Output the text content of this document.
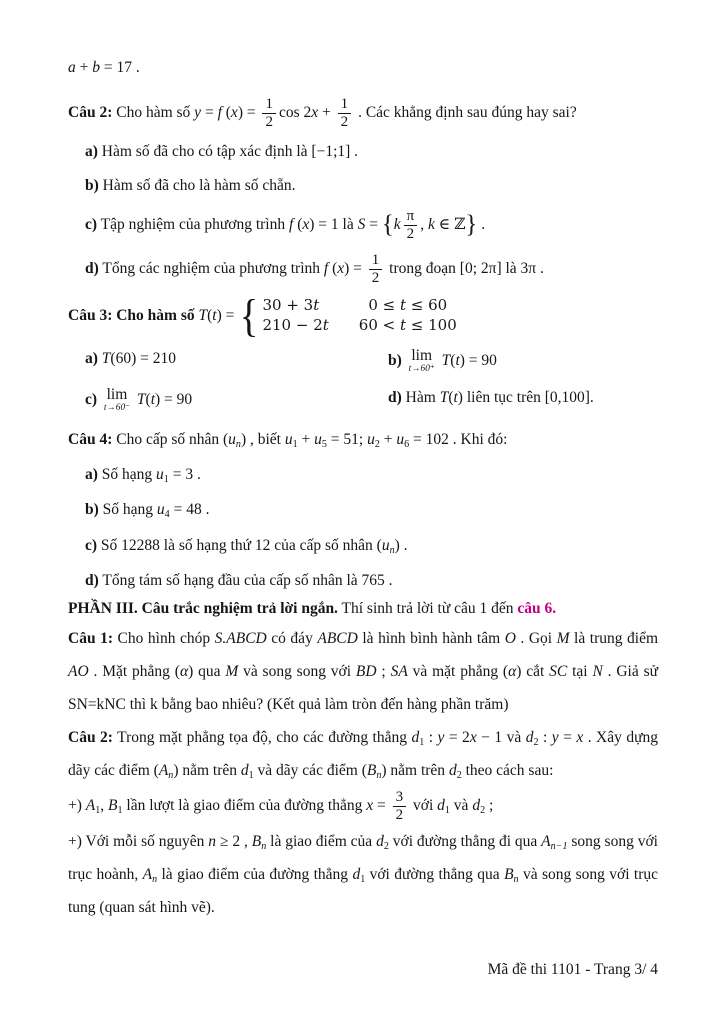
a + b = 17 .

Câu 2: Cho hàm số y = f $(x) = \frac{1}{2}$ $\cos 2x + \frac{1}{2}$ . Các khẳng định sau đúng hay sai?

a) Hàm số đã cho có tập xác định là [−1;1] .

b) Hàm số đã cho là hàm số chẵn.

c) Tập nghiệm của phương trình f (x) = 1 là $S = \{k \frac{\pi}{2}$ , k ∈ ℤ} .

d) Tổng các nghiệm của phương trình f $(x) = \frac{1}{2}$ trong đoạn [0; 2π] là 3π .

Câu 3: Cho hàm số T(t) = { 30 + 3t	0 ≤ t ≤ 60
210 − 2t 60 < t ≤ 100

a) T(60) = 210	b) lim
t→60⁺
T(t) = 90

c) lim
t→60⁻
T(t) = 90	d) Hàm T(t) liên tục trên [0,100].

Câu 4: Cho cấp số nhân $(u_n)$ , biết $u_1 + u_5 = 51$; $u_2 + u_6 = 102$ . Khi đó:

a) Số hạng $u_1 = 3$ .

b) Số hạng $u_4 = 48$ .

c) Số 12288 là số hạng thứ 12 của cấp số nhân $(u_n)$ .

d) Tổng tám số hạng đầu của cấp số nhân là 765 .

PHẦN III. Câu trắc nghiệm trả lời ngắn. Thí sinh trả lời từ câu 1 đến câu 6.

Câu 1: Cho hình chóp S.ABCD có đáy ABCD là hình bình hành tâm O . Gọi M là trung điểm AO . Mặt phẳng (α) qua M và song song với BD ; SA và mặt phẳng (α) cắt SC tại N . Giả sử SN=kNC thì k bằng bao nhiêu? (Kết quả làm tròn đến hàng phần trăm)

Câu 2: Trong mặt phẳng tọa độ, cho các đường thẳng $d_1$ : y = 2x − 1 và $d_2$ : y = x . Xây dựng dãy các điểm $(A_n)$ nằm trên $d_1$ và dãy các điểm $(B_n)$ nằm trên $d_2$ theo cách sau:

+) $A_1$, $B_1$ lần lượt là giao điểm của đường thẳng $x = \frac{3}{2}$ với $d_1$ và $d_2$ ;

+) Với mỗi số nguyên n ≥ 2 , $B_n$ là giao điểm của $d_2$ với đường thẳng đi qua $A_{n-1}$ song song với trục hoành, $A_n$ là giao điểm của đường thẳng $d_1$ với đường thẳng qua $B_n$ và song song với trục tung (quan sát hình vẽ).

Mã đề thi 1101 - Trang 3/ 4
